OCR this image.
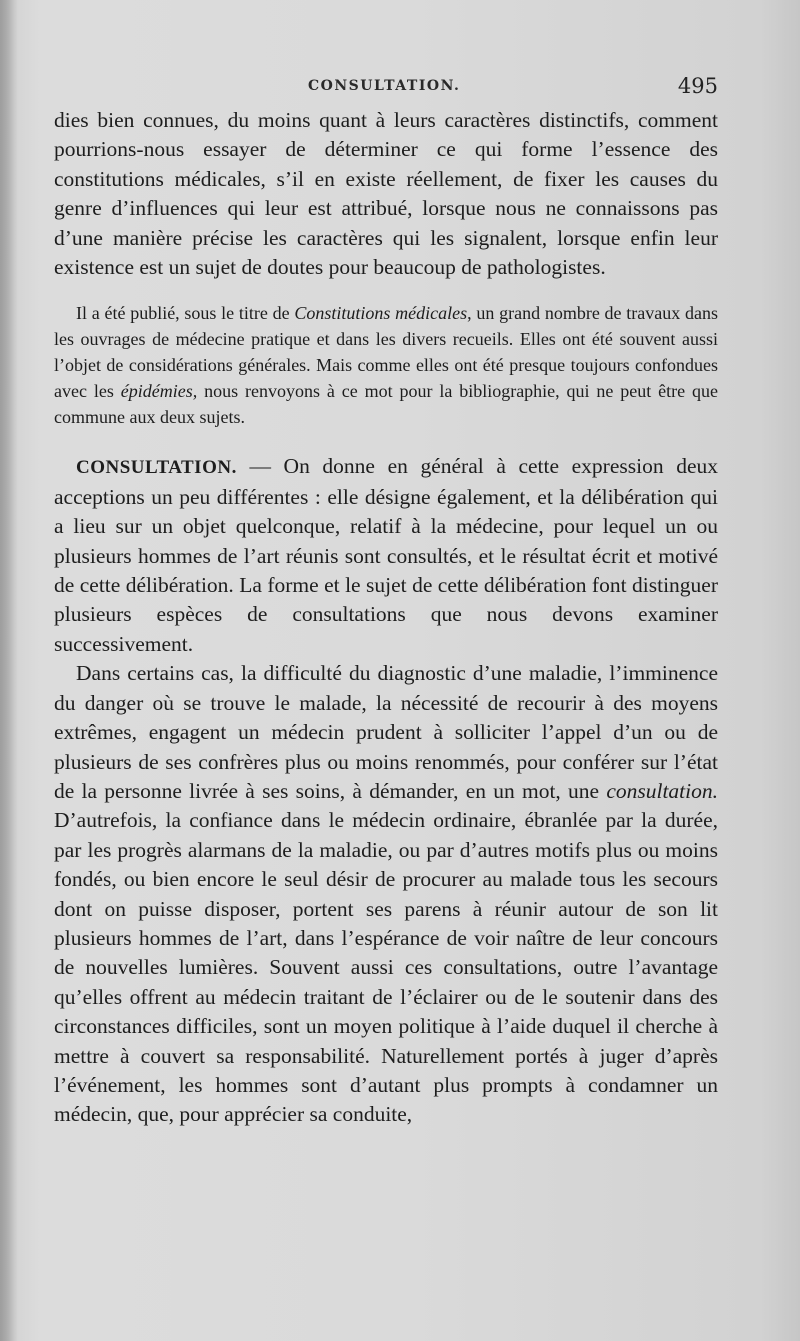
CONSULTATION.	495

dies bien connues, du moins quant à leurs caractères distinctifs, comment pourrions-nous essayer de déterminer ce qui forme l’essence des constitutions médicales, s’il en existe réellement, de fixer les causes du genre d’influences qui leur est attribué, lorsque nous ne connaissons pas d’une manière précise les caractères qui les signalent, lorsque enfin leur existence est un sujet de doutes pour beaucoup de pathologistes.

Il a été publié, sous le titre de Constitutions médicales, un grand nombre de travaux dans les ouvrages de médecine pratique et dans les divers recueils. Elles ont été souvent aussi l’objet de considérations générales. Mais comme elles ont été presque toujours confondues avec les épidémies, nous renvoyons à ce mot pour la bibliographie, qui ne peut être que commune aux deux sujets.

CONSULTATION. — On donne en général à cette expression deux acceptions un peu différentes : elle désigne également, et la délibération qui a lieu sur un objet quelconque, relatif à la médecine, pour lequel un ou plusieurs hommes de l’art réunis sont consultés, et le résultat écrit et motivé de cette délibération. La forme et le sujet de cette délibération font distinguer plusieurs espèces de consultations que nous devons examiner successivement.

Dans certains cas, la difficulté du diagnostic d’une maladie, l’imminence du danger où se trouve le malade, la nécessité de recourir à des moyens extrêmes, engagent un médecin prudent à solliciter l’appel d’un ou de plusieurs de ses confrères plus ou moins renommés, pour conférer sur l’état de la personne livrée à ses soins, à démander, en un mot, une consultation. D’autrefois, la confiance dans le médecin ordinaire, ébranlée par la durée, par les progrès alarmans de la maladie, ou par d’autres motifs plus ou moins fondés, ou bien encore le seul désir de procurer au malade tous les secours dont on puisse disposer, portent ses parens à réunir autour de son lit plusieurs hommes de l’art, dans l’espérance de voir naître de leur concours de nouvelles lumières. Souvent aussi ces consultations, outre l’avantage qu’elles offrent au médecin traitant de l’éclairer ou de le soutenir dans des circonstances difficiles, sont un moyen politique à l’aide duquel il cherche à mettre à couvert sa responsabilité. Naturellement portés à juger d’après l’événement, les hommes sont d’autant plus prompts à condamner un médecin, que, pour apprécier sa conduite,
